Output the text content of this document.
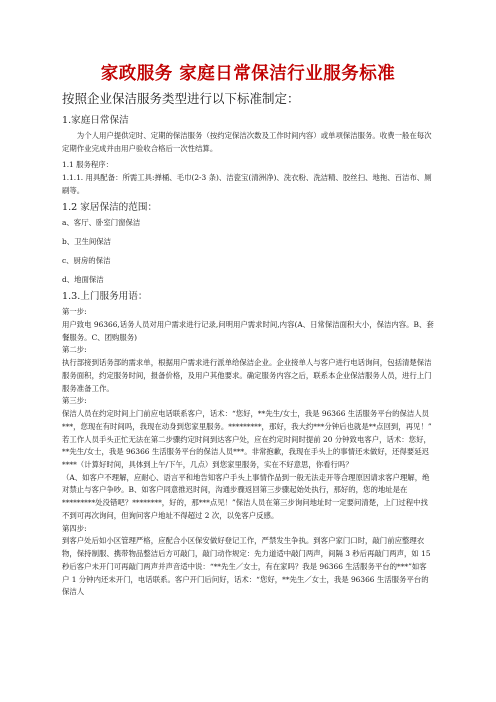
家政服务 家庭日常保洁行业服务标准
按照企业保洁服务类型进行以下标准制定：
1.家庭日常保洁

为个人用户提供定时、定期的保洁服务（按约定保洁次数及工作时间内容）或单项保洁服务。收费一般在每次定期作业完成并由用户验收合格后一次性结算。

1.1 服务程序：

1.1.1. 用具配备：所需工具:掸桶、毛巾(2-3 条)、洁瓷宝(清洲净)、洗衣粉、洗洁精、胶丝扫、地拖、百洁布、厕刷等。

1.2 家居保洁的范围：

a、客厅、卧室门窗保洁

b、卫生间保洁

c、厨房的保洁

d、地面保洁

1.3.上门服务用语：

第一步:

用户致电 96366,话务人员对用户需求进行记录,问明用户需求时间,内容(A、日常保洁面积大小，保洁内容。B、套餐服务。C、团购服务)

第二步:

执行部接到话务部的需求单，根据用户需求进行派单给保洁企业。企业接单人与客户进行电话询问，包括清楚保洁服务面积，约定服务时间，报备价格，及用户其他要求。确定服务内容之后，联系本企业保洁服务人员，进行上门服务准备工作。

第三步:

保洁人员在约定时间上门前应电话联系客户，话术：“您好，**先生/女士，我是 96366 生活服务平台的保洁人员***，您现在有时间吗，我现在动身到您家里服务。*********，那好，我大约***分钟后也就是**点回到，再见！”

若工作人员手头正忙无法在第二步骤约定时间到达客户处，应在约定时间时提前 20 分钟致电客户，话术：您好，**先生/女士，我是 96366 生活服务平台的保洁人员***。非常抱歉，我现在手头上的事情还未做好，还得要延迟****（计算好时间，具体到上午/下午，几点）到您家里服务，实在不好意思，你看行吗？

（A、如客户不理解，应耐心、语言平和地告知客户手头上事情作品到一般无法走开等合理原因请求客户理解，绝对禁止与客户争吵。B、如客户同意推迟时间，沟通步骤返回第三步骤起始处执行，那好的，您的地址是在*********处没错吧？********，好的，那***点见！”保洁人员在第三步询问地址时一定要问清楚，上门过程中找不到可再次询问，但询问客户地址不得超过 2 次，以免客户反感。

第四步:

到客户处后如小区管理严格，应配合小区保安做好登记工作，严禁发生争执。到客户家门口时，敲门前应整理衣物，保持制服、携带物品整洁后方可敲门，敲门动作规定：先力道适中敲门两声，间隔 3 秒后再敲门两声，如 15 秒后客户未开门可再敲门两声并声音适中说：“**先生／女士，有在家吗？我是 96366 生活服务平台的***”如客户 1 分钟内还未开门，电话联系。客户开门后问好，话术：“您好，**先生／女士，我是 96366 生活服务平台的保洁人
